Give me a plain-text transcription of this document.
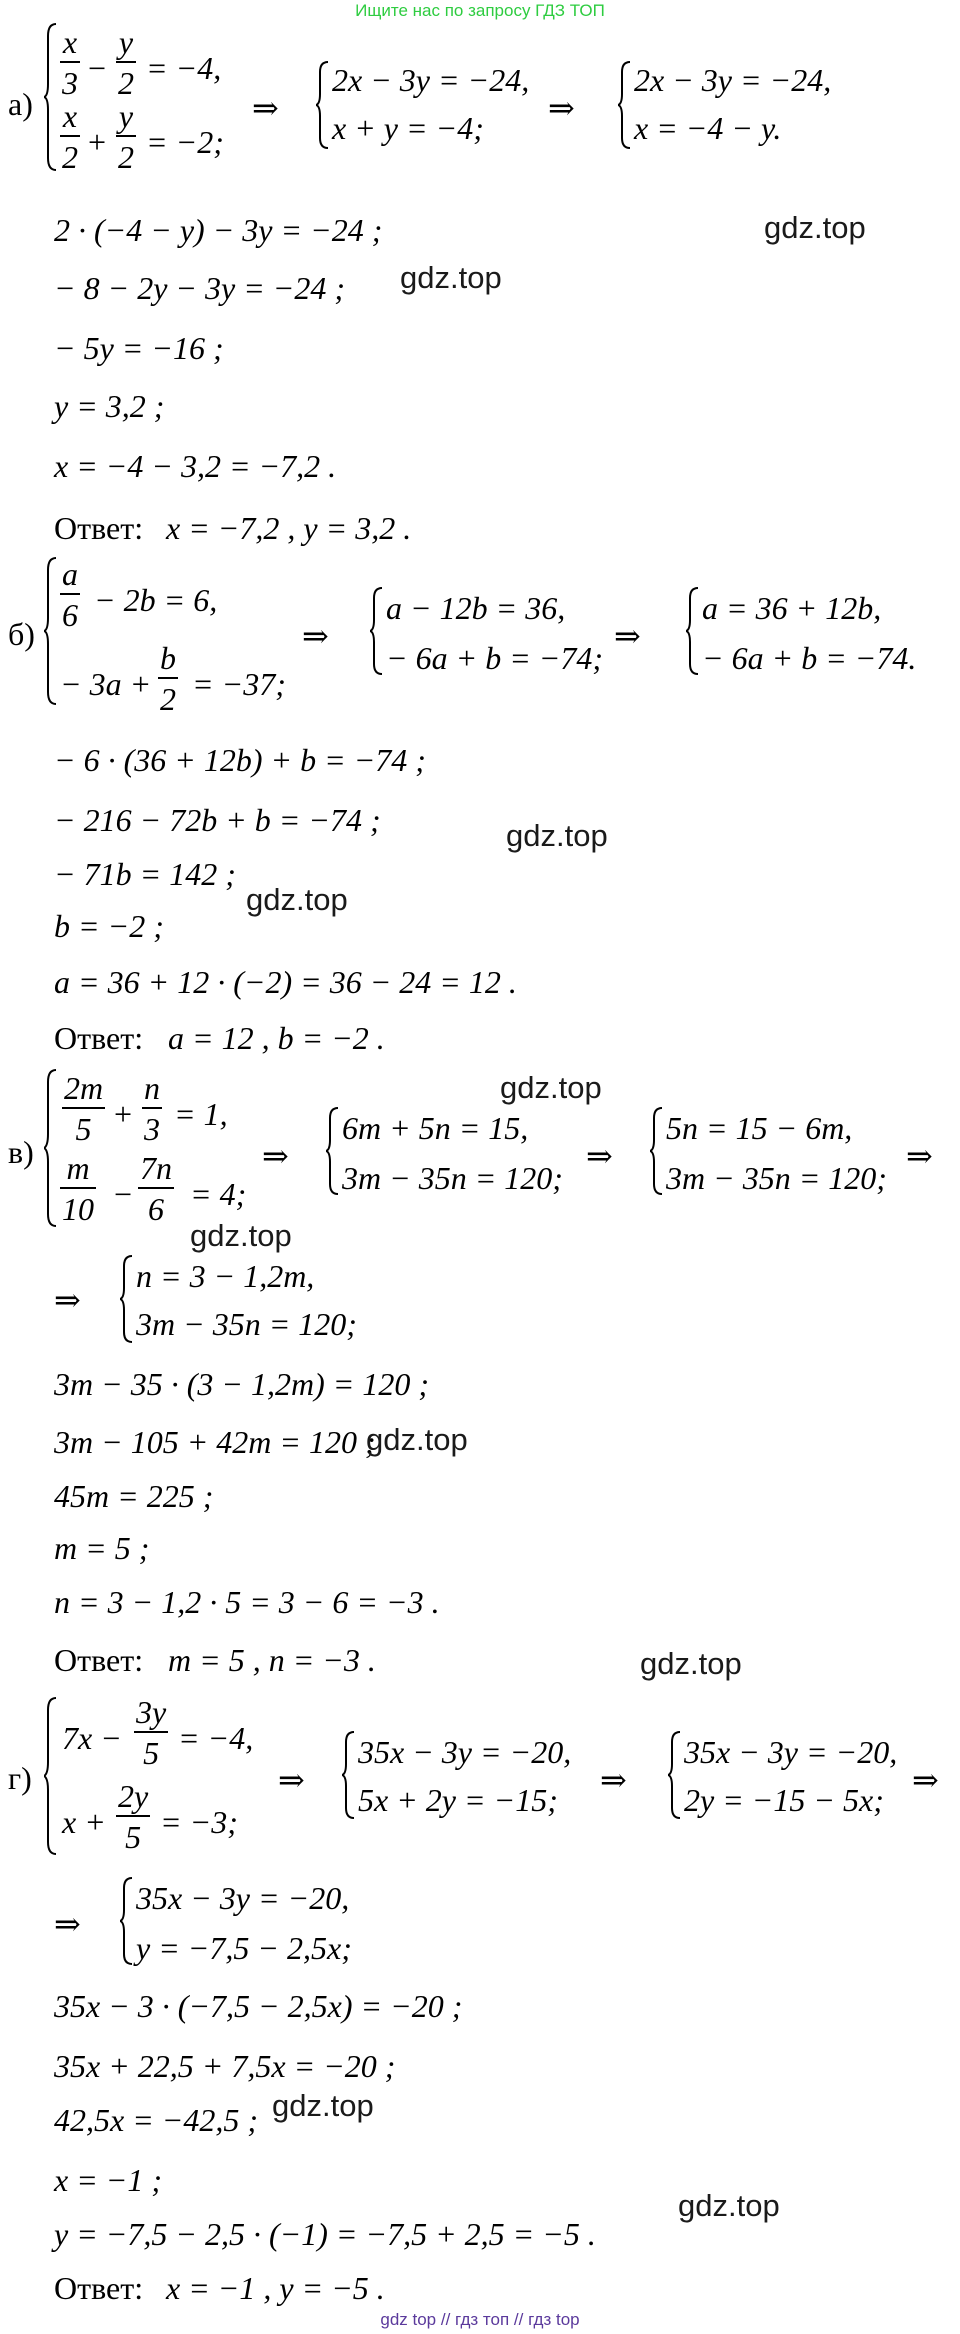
Ищите нас по запросу ГДЗ ТОП
а)
x
3 −
y
2 = −4,
x
2 +
y
2 = −2;
⇒
2x − 3y = −24,
x + y = −4;
⇒
2x − 3y = −24,
x = −4 − y.
2 · (−4 − y) − 3y = −24 ;
− 8 − 2y − 3y = −24 ;
− 5y = −16 ;
y = 3,2 ;
x = −4 − 3,2 = −7,2 .
Ответ: x = −7,2 , y = 3,2 .
б)
a
6 − 2b = 6,
− 3a +
b
2 = −37;
⇒
a − 12b = 36,
− 6a + b = −74;
⇒
a = 36 + 12b,
− 6a + b = −74.
− 6 · (36 + 12b) + b = −74 ;
− 216 − 72b + b = −74 ;
− 71b = 142 ;
b = −2 ;
a = 36 + 12 · (−2) = 36 − 24 = 12 .
Ответ: a = 12 , b = −2 .
в)
2m
5 +
n
3 = 1,
m
10 −
7n
6 = 4;
⇒
6m + 5n = 15,
3m − 35n = 120;
⇒
5n = 15 − 6m,
3m − 35n = 120;
⇒
⇒
n = 3 − 1,2m,
3m − 35n = 120;
3m − 35 · (3 − 1,2m) = 120 ;
3m − 105 + 42m = 120 ;
45m = 225 ;
m = 5 ;
n = 3 − 1,2 · 5 = 3 − 6 = −3 .
Ответ: m = 5 , n = −3 .
г)
7x −
3y
5 = −4,
x +
2y
5 = −3;
⇒
35x − 3y = −20,
5x + 2y = −15;
⇒
35x − 3y = −20,
2y = −15 − 5x;
⇒
⇒
35x − 3y = −20,
y = −7,5 − 2,5x;
35x − 3 · (−7,5 − 2,5x) = −20 ;
35x + 22,5 + 7,5x = −20 ;
42,5x = −42,5 ;
x = −1 ;
y = −7,5 − 2,5 · (−1) = −7,5 + 2,5 = −5 .
Ответ: x = −1 , y = −5 .
gdz.top
gdz.top
gdz.top
gdz.top
gdz.top
gdz.top
gdz.top
gdz.top
gdz.top
gdz.top
gdz top // гдз топ // гдз top
